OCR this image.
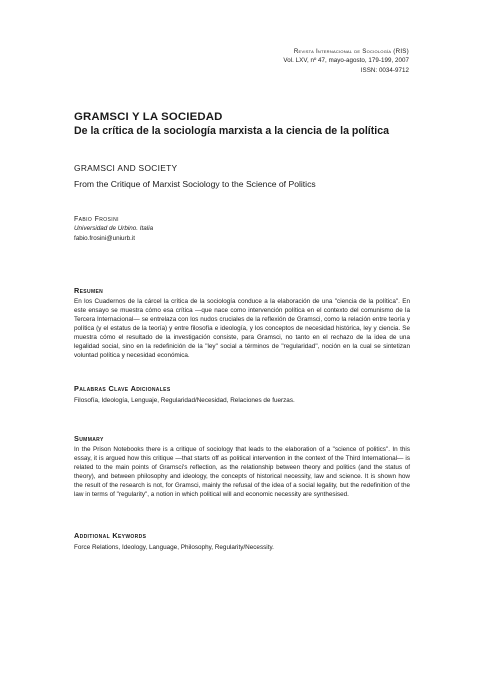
Revista Internacional de Sociología (RIS)
Vol. LXV, nº 47, mayo-agosto, 179-199, 2007
ISSN: 0034-9712
GRAMSCI Y LA SOCIEDAD
De la crítica de la sociología marxista a la ciencia de la política
GRAMSCI AND SOCIETY
From the Critique of Marxist Sociology to the Science of Politics
Fabio Frosini
Universidad de Urbino. Italia
fabio.frosini@uniurb.it
Resumen

En los Cuadernos de la cárcel la crítica de la sociología conduce a la elaboración de una "ciencia de la política". En este ensayo se muestra cómo esa crítica —que nace como intervención política en el contexto del comunismo de la Tercera Internacional— se entrelaza con los nudos cruciales de la reflexión de Gramsci, como la relación entre teoría y política (y el estatus de la teoría) y entre filosofía e ideología, y los conceptos de necesidad histórica, ley y ciencia. Se muestra cómo el resultado de la investigación consiste, para Gramsci, no tanto en el rechazo de la idea de una legalidad social, sino en la redefinición de la "ley" social a términos de "regularidad", noción en la cual se sintetizan voluntad política y necesidad económica.

Palabras Clave Adicionales

Filosofía, Ideología, Lenguaje, Regularidad/Necesidad, Relaciones de fuerzas.

Summary

In the Prison Notebooks there is a critique of sociology that leads to the elaboration of a "science of politics". In this essay, it is argued how this critique —that starts off as political intervention in the context of the Third International— is related to the main points of Gramsci's reflection, as the relationship between theory and politics (and the status of theory), and between philosophy and ideology, the concepts of historical necessity, law and science. It is shown how the result of the research is not, for Gramsci, mainly the refusal of the idea of a social legality, but the redefinition of the law in terms of "regularity", a notion in which political will and economic necessity are synthesised.

Additional Keywords

Force Relations, Ideology, Language, Philosophy, Regularity/Necessity.
